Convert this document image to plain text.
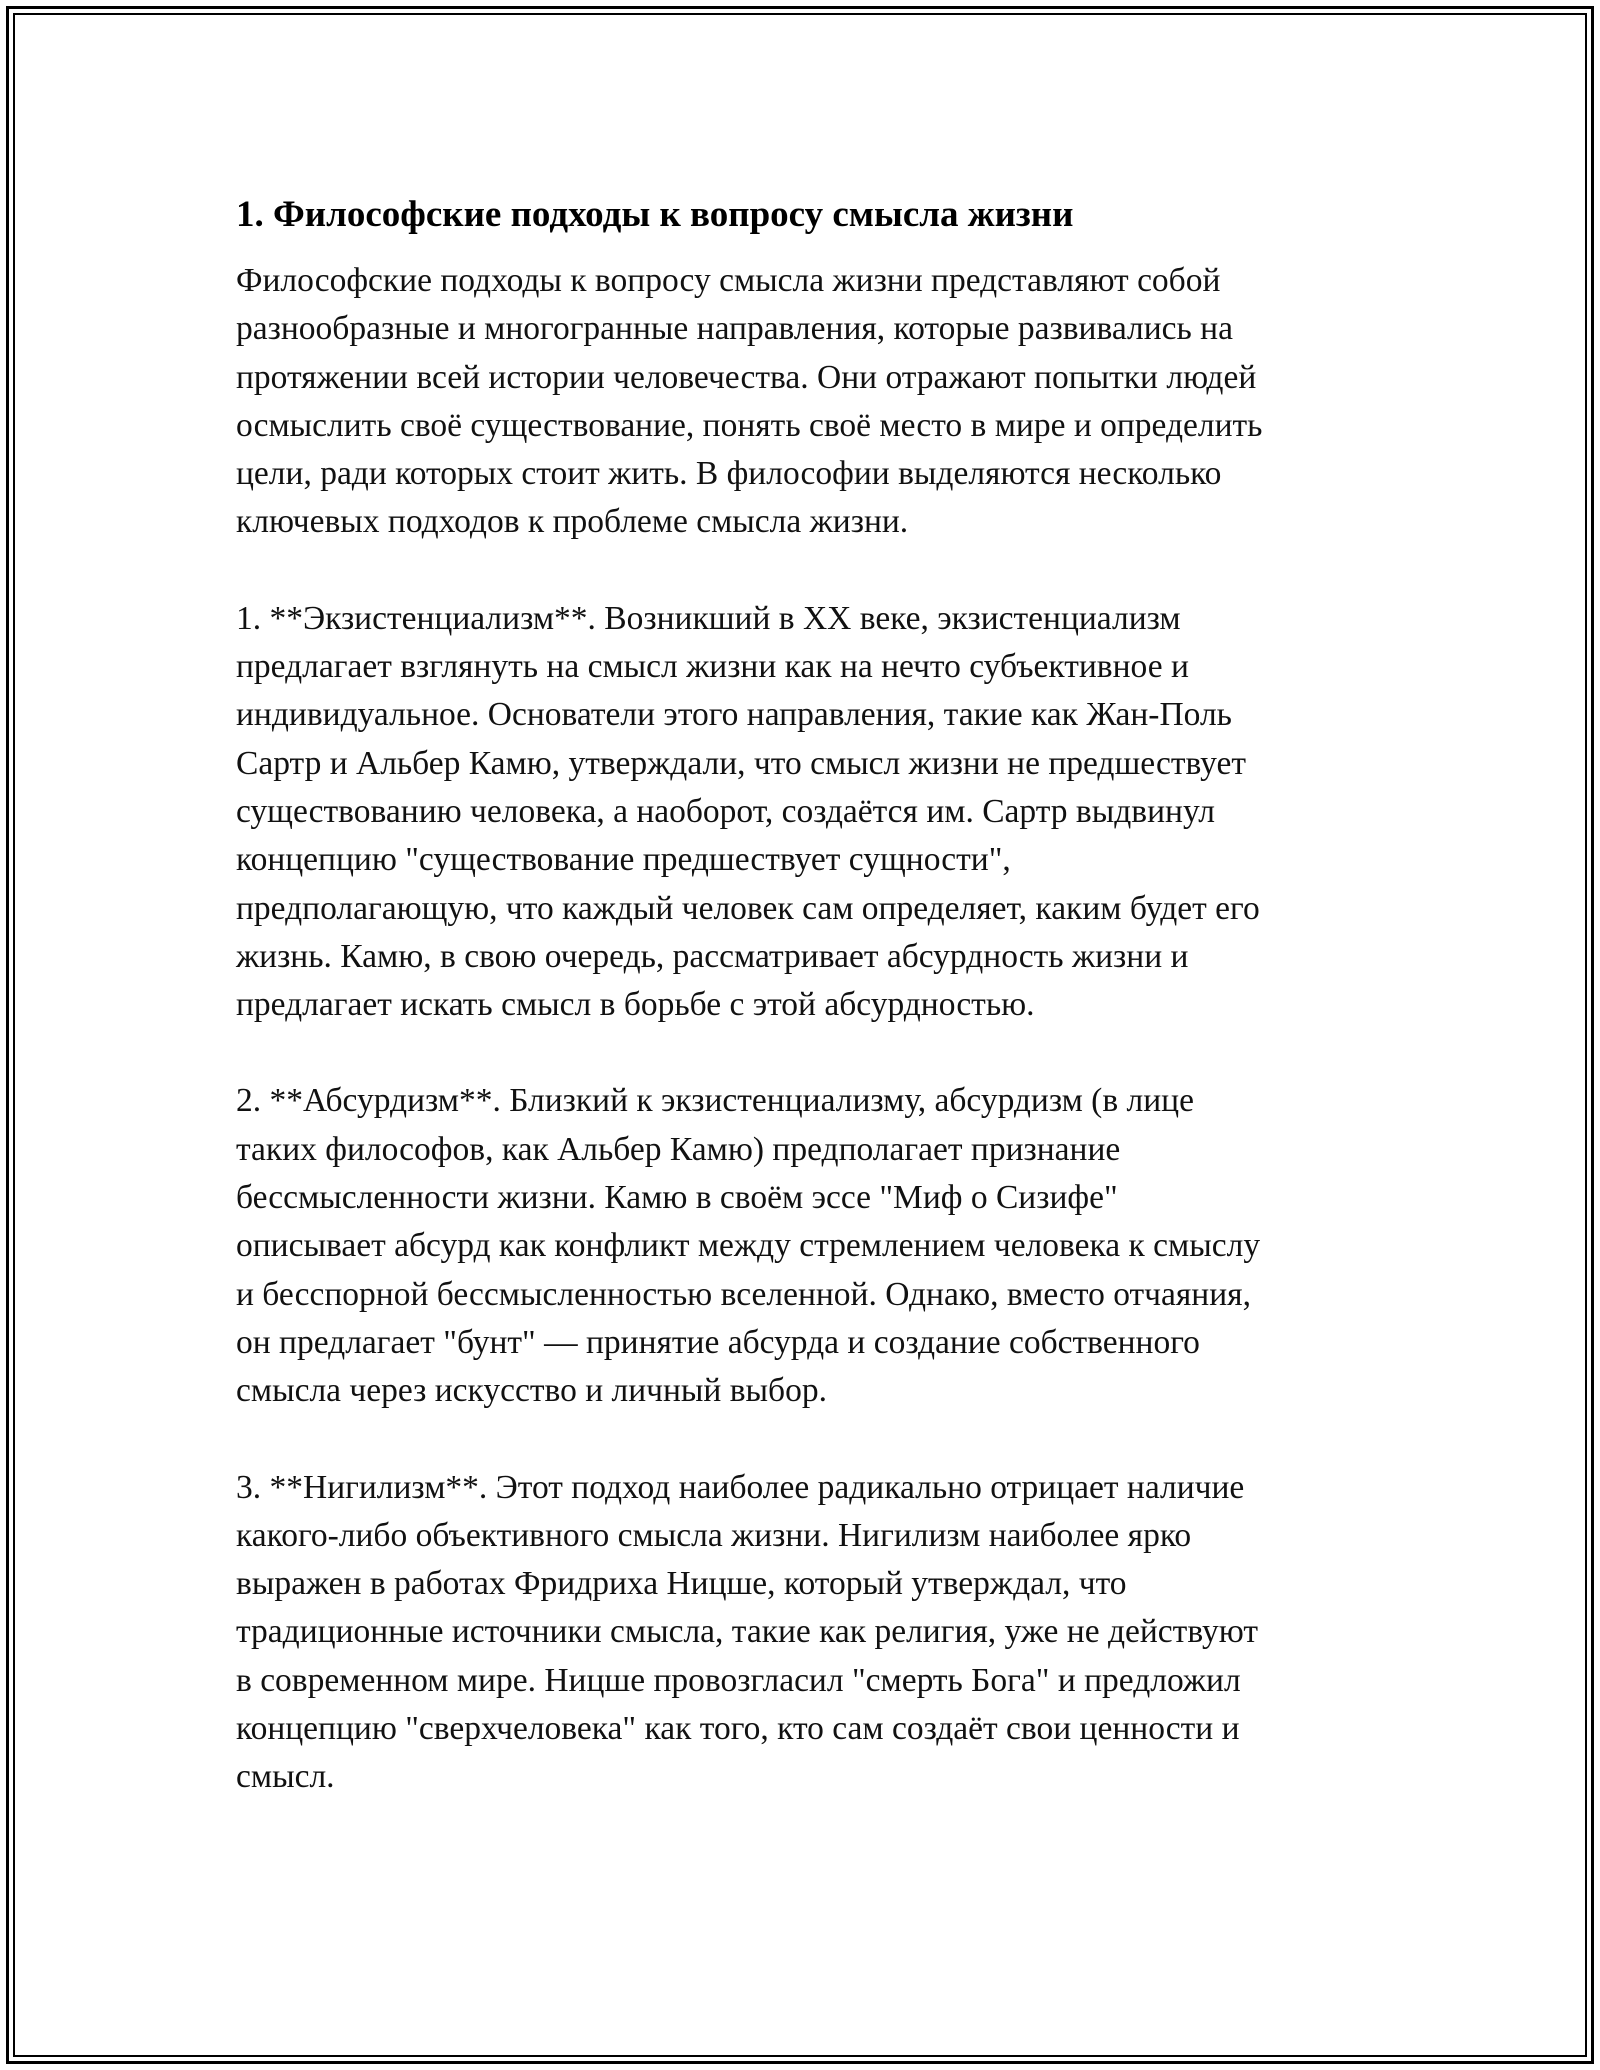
1. Философские подходы к вопросу смысла жизни
Философские подходы к вопросу смысла жизни представляют собой
разнообразные и многогранные направления, которые развивались на
протяжении всей истории человечества. Они отражают попытки людей
осмыслить своё существование, понять своё место в мире и определить
цели, ради которых стоит жить. В философии выделяются несколько
ключевых подходов к проблеме смысла жизни.
1. **Экзистенциализм**. Возникший в XX веке, экзистенциализм
предлагает взглянуть на смысл жизни как на нечто субъективное и
индивидуальное. Основатели этого направления, такие как Жан-Поль
Сартр и Альбер Камю, утверждали, что смысл жизни не предшествует
существованию человека, а наоборот, создаётся им. Сартр выдвинул
концепцию "существование предшествует сущности",
предполагающую, что каждый человек сам определяет, каким будет его
жизнь. Камю, в свою очередь, рассматривает абсурдность жизни и
предлагает искать смысл в борьбе с этой абсурдностью.
2. **Абсурдизм**. Близкий к экзистенциализму, абсурдизм (в лице
таких философов, как Альбер Камю) предполагает признание
бессмысленности жизни. Камю в своём эссе "Миф о Сизифе"
описывает абсурд как конфликт между стремлением человека к смыслу
и бесспорной бессмысленностью вселенной. Однако, вместо отчаяния,
он предлагает "бунт" — принятие абсурда и создание собственного
смысла через искусство и личный выбор.
3. **Нигилизм**. Этот подход наиболее радикально отрицает наличие
какого-либо объективного смысла жизни. Нигилизм наиболее ярко
выражен в работах Фридриха Ницше, который утверждал, что
традиционные источники смысла, такие как религия, уже не действуют
в современном мире. Ницше провозгласил "смерть Бога" и предложил
концепцию "сверхчеловека" как того, кто сам создаёт свои ценности и
смысл.
